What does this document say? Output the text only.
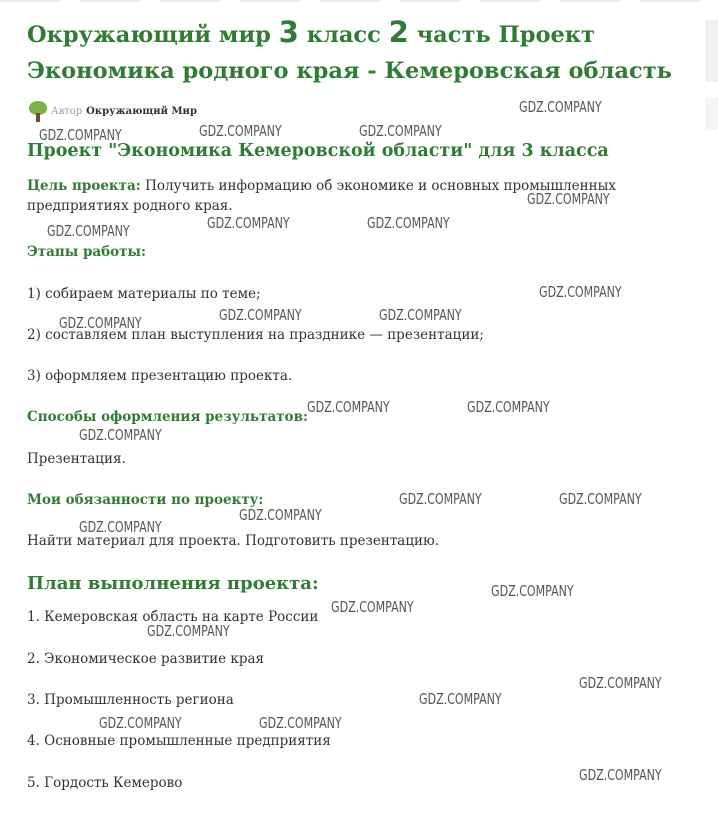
Окружающий мир 3 класс 2 часть Проект
Экономика родного края - Кемеровская область
Автор Окружающий Мир
Проект "Экономика Кемеровской области" для 3 класса

Цель проекта: Получить информацию об экономике и основных промышленных предприятиях родного края.

Этапы работы:

1) собираем материалы по теме;

2) составляем план выступления на празднике — презентации;

3) оформляем презентацию проекта.

Способы оформления результатов:

Презентация.

Мои обязанности по проекту:

Найти материал для проекта. Подготовить презентацию.

План выполнения проекта:

1. Кемеровская область на карте России

2. Экономическое развитие края

3. Промышленность региона

4. Основные промышленные предприятия

5. Гордость Кемерово

GDZ.COMPANY
GDZ.COMPANY	GDZ.COMPANY	GDZ.COMPANY
GDZ.COMPANY
GDZ.COMPANY	GDZ.COMPANY	GDZ.COMPANY
GDZ.COMPANY
GDZ.COMPANY	GDZ.COMPANY	GDZ.COMPANY
GDZ.COMPANY	GDZ.COMPANY
GDZ.COMPANY
GDZ.COMPANY	GDZ.COMPANY
GDZ.COMPANY
GDZ.COMPANY
GDZ.COMPANY
GDZ.COMPANY
GDZ.COMPANY
GDZ.COMPANY
GDZ.COMPANY
GDZ.COMPANY	GDZ.COMPANY
GDZ.COMPANY
